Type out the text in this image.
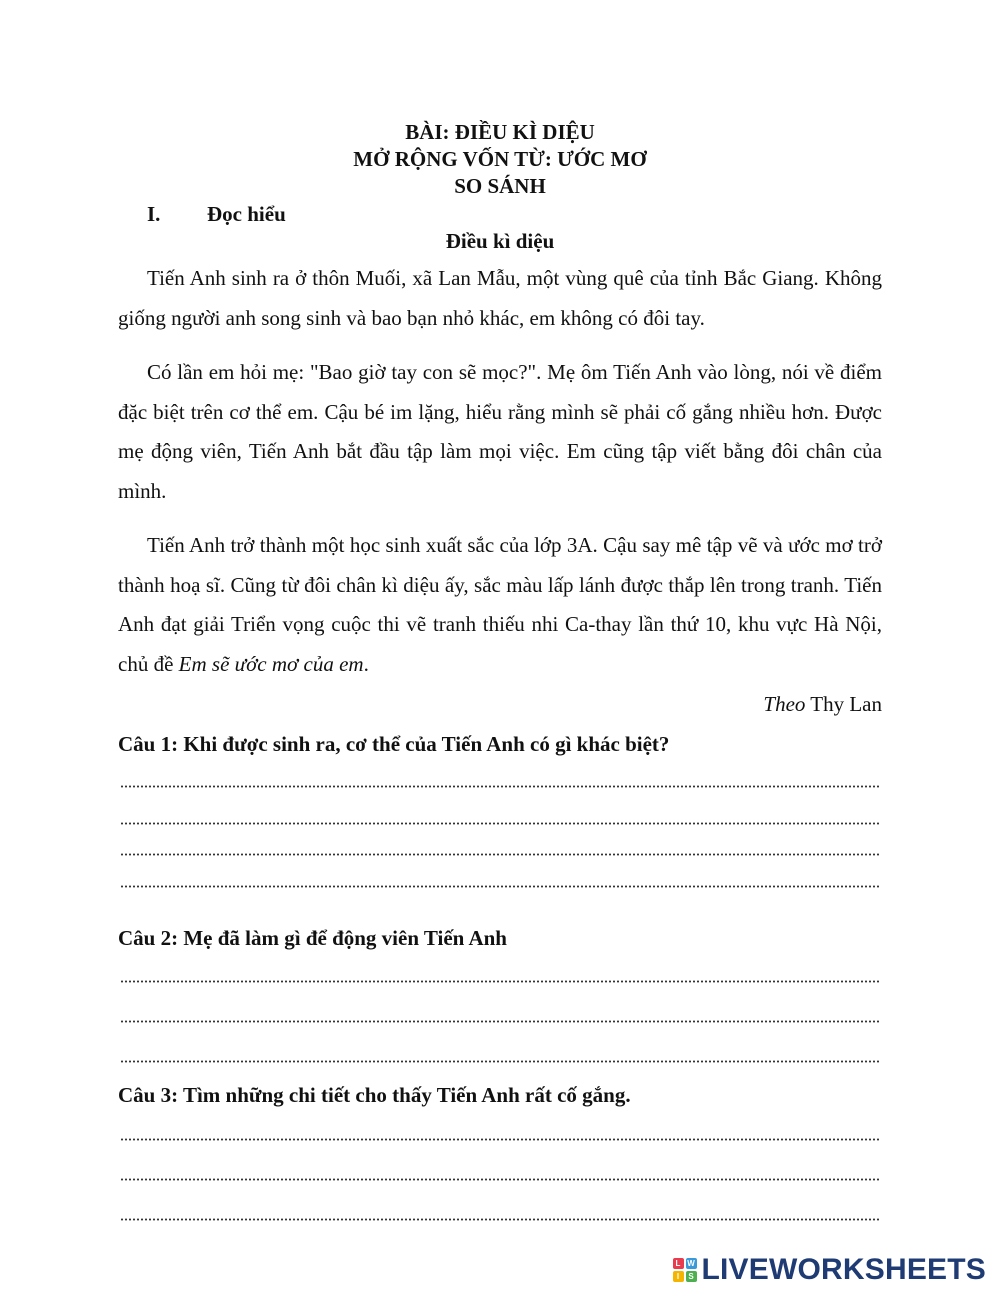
BÀI: ĐIỀU KÌ DIỆU
MỞ RỘNG VỐN TỪ: ƯỚC MƠ
SO SÁNH
I. Đọc hiểu
Điều kì diệu
Tiến Anh sinh ra ở thôn Muối, xã Lan Mẫu, một vùng quê của tỉnh Bắc Giang. Không giống người anh song sinh và bao bạn nhỏ khác, em không có đôi tay.
Có lần em hỏi mẹ: "Bao giờ tay con sẽ mọc?". Mẹ ôm Tiến Anh vào lòng, nói về điểm đặc biệt trên cơ thể em. Cậu bé im lặng, hiểu rằng mình sẽ phải cố gắng nhiều hơn. Được mẹ động viên, Tiến Anh bắt đầu tập làm mọi việc. Em cũng tập viết bằng đôi chân của mình.
Tiến Anh trở thành một học sinh xuất sắc của lớp 3A. Cậu say mê tập vẽ và ước mơ trở thành hoạ sĩ. Cũng từ đôi chân kì diệu ấy, sắc màu lấp lánh được thắp lên trong tranh. Tiến Anh đạt giải Triển vọng cuộc thi vẽ tranh thiếu nhi Ca-thay lần thứ 10, khu vực Hà Nội, chủ đề Em sẽ ước mơ của em.
Theo Thy Lan
Câu 1: Khi được sinh ra, cơ thể của Tiến Anh có gì khác biệt?
Câu 2: Mẹ đã làm gì để động viên Tiến Anh
Câu 3: Tìm những chi tiết cho thấy Tiến Anh rất cố gắng.
L W
I	S LIVEWORKSHEETS
